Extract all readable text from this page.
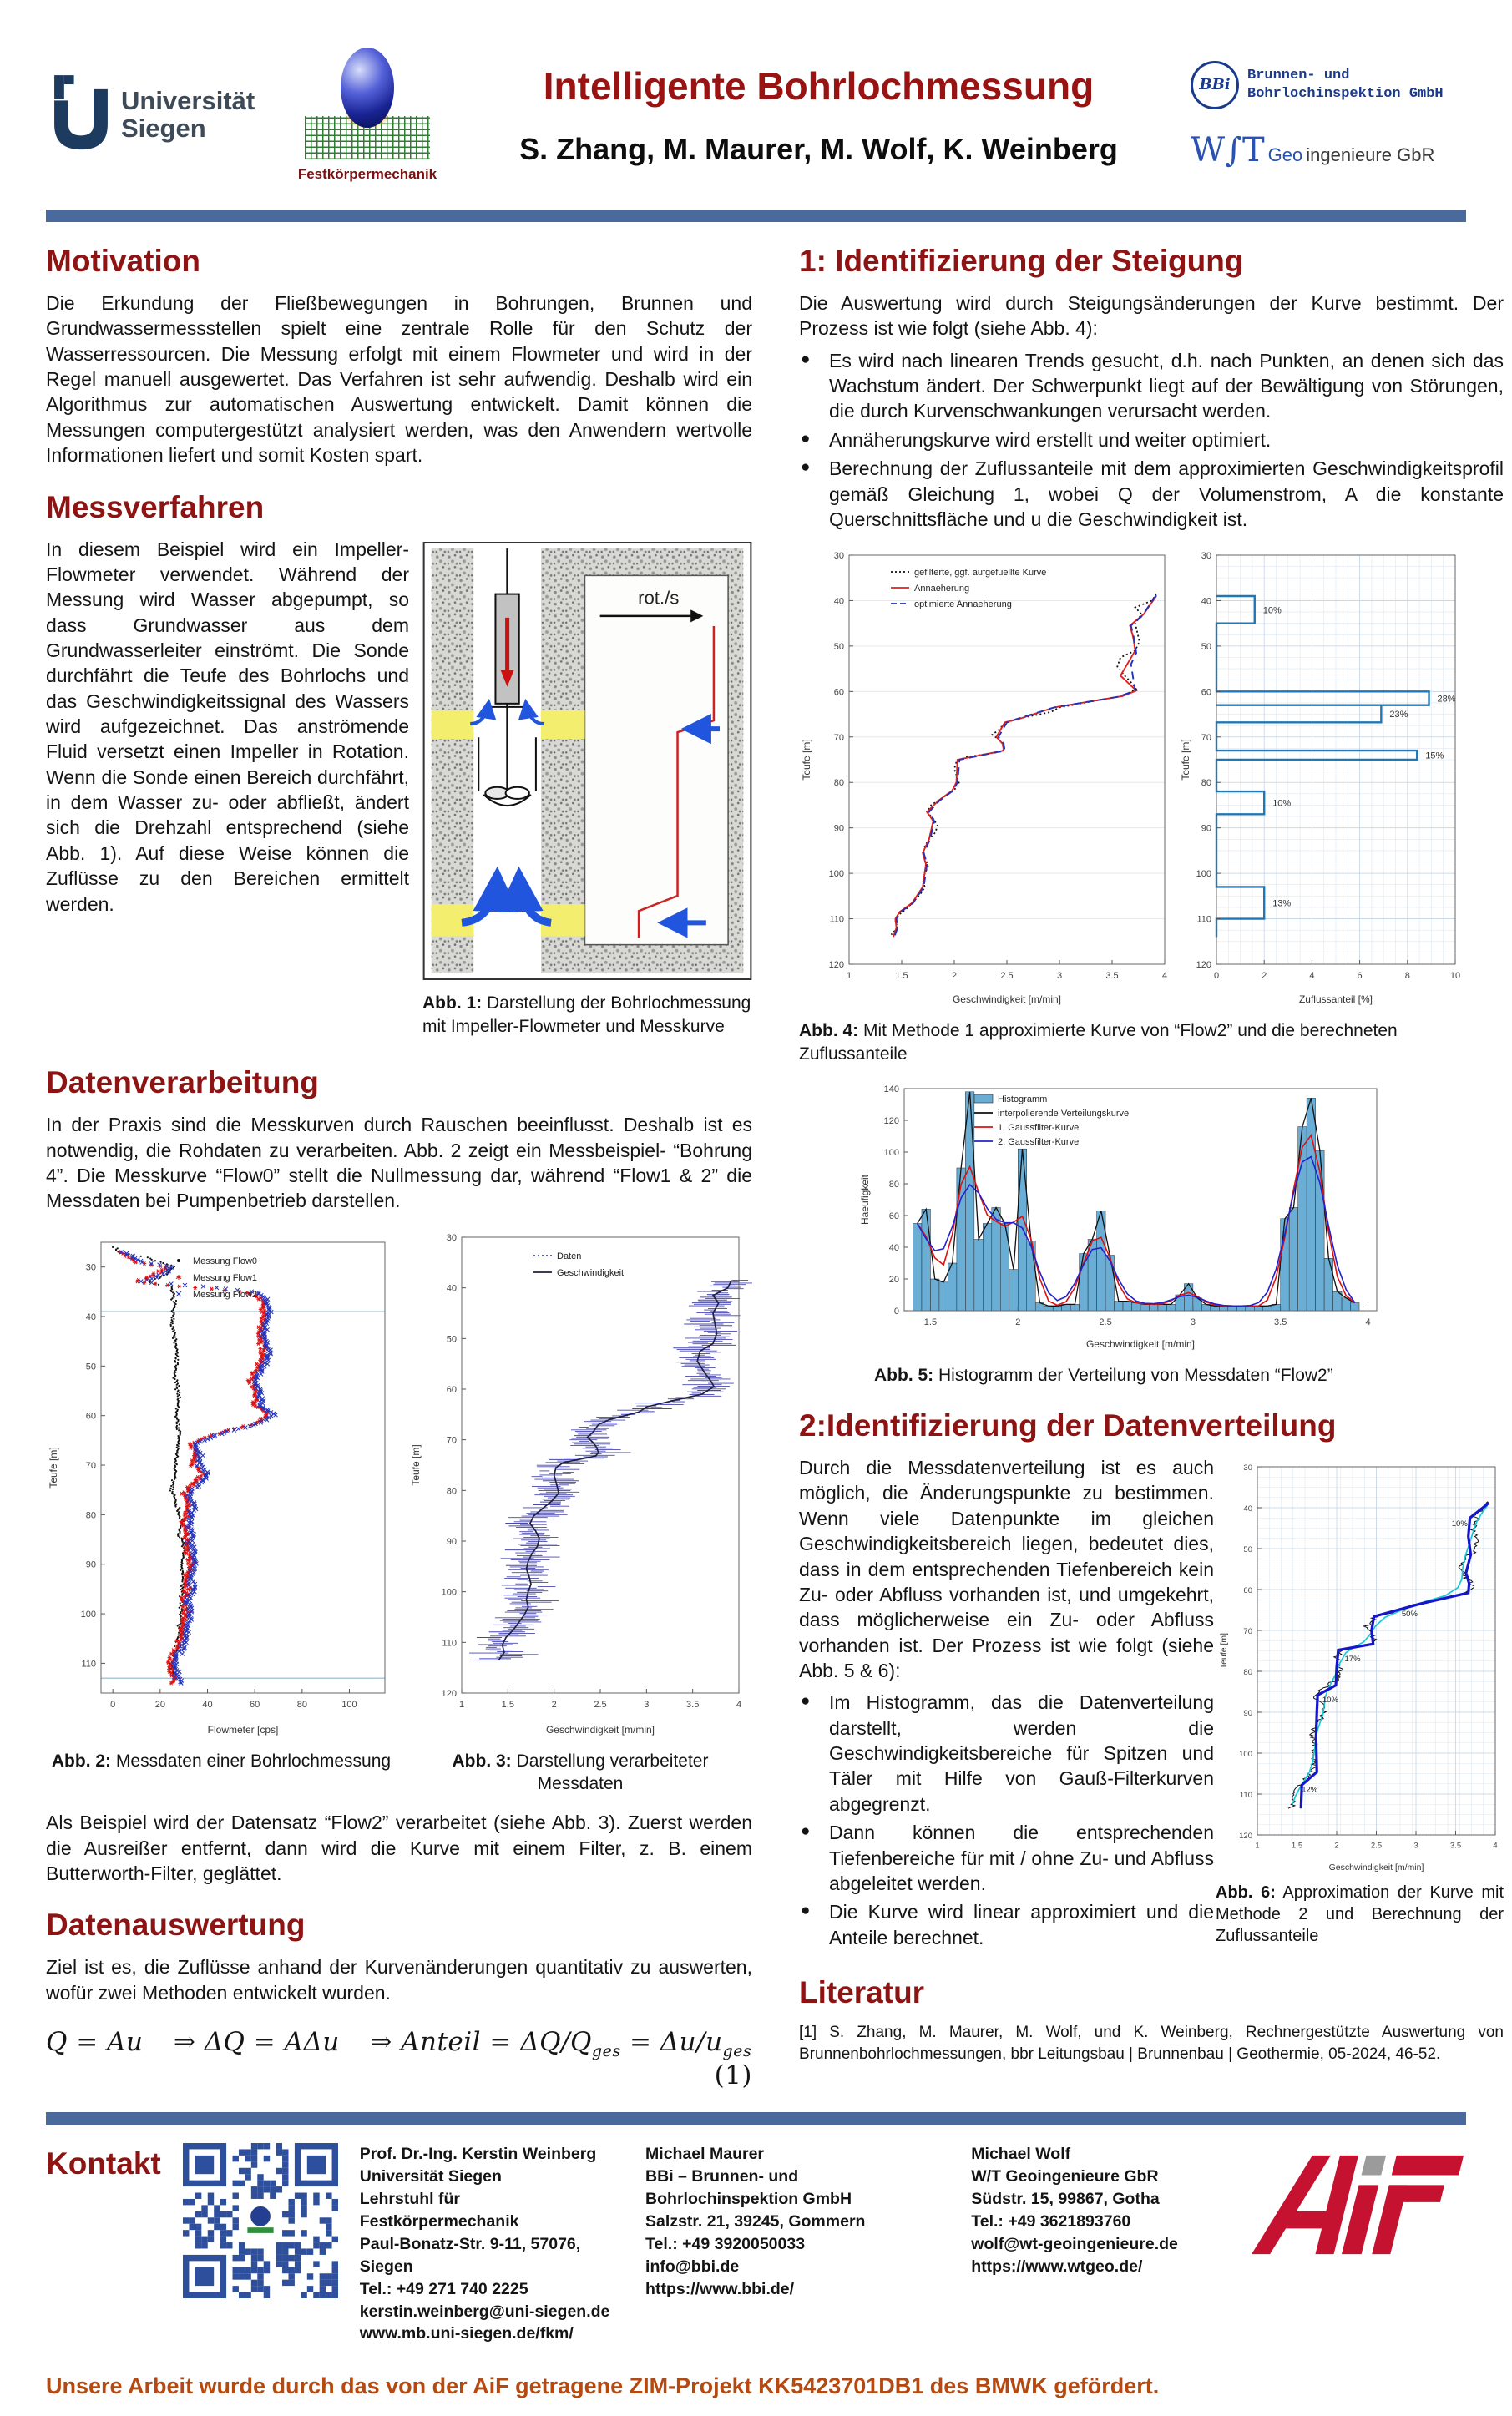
Universität
Siegen
Festkörpermechanik
Intelligente Bohrlochmessung
S. Zhang, M. Maurer, M. Wolf, K. Weinberg
BBi
Brunnen- und
Bohrlochinspektion GmbH
W∫T Geo ingenieure GbR
Motivation

Die Erkundung der Fließbewegungen in Bohrungen, Brunnen und Grundwassermessstellen spielt eine zentrale Rolle für den Schutz der Wasserressourcen. Die Messung erfolgt mit einem Flowmeter und wird in der Regel manuell ausgewertet. Das Verfahren ist sehr aufwendig. Deshalb wird ein Algorithmus zur automatischen Auswertung entwickelt. Damit können die Messungen computergestützt analysiert werden, was den Anwendern wertvolle Informationen liefert und somit Kosten spart.

Messverfahren
rot./s
Abb. 1: Darstellung der Bohrlochmessung mit Impeller-Flowmeter und Messkurve

In diesem Beispiel wird ein Impeller-Flowmeter verwendet. Während der Messung wird Wasser abgepumpt, so dass Grundwasser aus dem Grundwasserleiter einströmt. Die Sonde durchfährt die Teufe des Bohrlochs und das Geschwindigkeitssignal des Wassers wird aufgezeichnet. Das anströmende Fluid versetzt einen Impeller in Rotation. Wenn die Sonde einen Bereich durchfährt, in dem Wasser zu- oder abfließt, ändert sich die Drehzahl entsprechend (siehe Abb. 1). Auf diese Weise können die Zuflüsse zu den Bereichen ermittelt werden.

Datenverarbeitung

In der Praxis sind die Messkurven durch Rauschen beeinflusst. Deshalb ist es notwendig, die Rohdaten zu verarbeiten. Abb. 2 zeigt ein Messbeispiel- “Bohrung 4”. Die Messkurve “Flow0” stellt die Nullmessung dar, während “Flow1 & 2” die Messdaten bei Pumpenbetrieb darstellen.

0	20	40	60	80	100
30
40
50
60
70
80
90
100
110
Flowmeter [cps]
Teufe [m]
Messung Flow0
Messung Flow1
Messung Flow2
Abb. 2: Messdaten einer Bohrlochmessung
1	1.5	2	2.5	3	3.5	4
30
40
50
60
70
80
90
100
110
120
Geschwindigkeit [m/min]
Teufe [m]
Daten
Geschwindigkeit
Abb. 3: Darstellung verarbeiteter Messdaten

Als Beispiel wird der Datensatz “Flow2” verarbeitet (siehe Abb. 3). Zuerst werden die Ausreißer entfernt, dann wird die Kurve mit einem Filter, z. B. einem Butterworth-Filter, geglättet.

Datenauswertung

Ziel ist es, die Zuflüsse anhand der Kurvenänderungen quantitativ zu auswerten, wofür zwei Methoden entwickelt wurden.

Q = Au ⇒ ΔQ = AΔu ⇒ Anteil = $\Delta Q/Q_{ges} = \Delta u/u_{ges}$
(1)
1: Identifizierung der Steigung

Die Auswertung wird durch Steigungsänderungen der Kurve bestimmt. Der Prozess ist wie folgt (siehe Abb. 4):

● Es wird nach linearen Trends gesucht, d.h. nach Punkten, an denen sich das Wachstum ändert. Der Schwerpunkt liegt auf der Bewältigung von Störungen, die durch Kurvenschwankungen verursacht werden.
● Annäherungskurve wird erstellt und weiter optimiert.
● Berechnung der Zuflussanteile mit dem approximierten Geschwindigkeitsprofil gemäß Gleichung 1, wobei Q der Volumenstrom, A die konstante Querschnittsfläche und u die Geschwindigkeit ist.
1	1.5	2	2.5	3	3.5	4
30
40
50
60
70
80
90
100
110
120
Geschwindigkeit [m/min]
Teufe [m]
gefilterte, ggf. aufgefuellte Kurve
Annaeherung
optimierte Annaeherung
10%
28%
23%
15%
10%
13%
0	2	4	6	8	10
30
40
50
60
70
80
90
100
110
120
Zuflussanteil [%]
Teufe [m]
Abb. 4: Mit Methode 1 approximierte Kurve von “Flow2” und die berechneten Zuflussanteile
1.5	2	2.5	3	3.5	4
0
20
40
60
80
100
120
140
Geschwindigkeit [m/min]
Haeufigkeit
Histogramm
interpolierende Verteilungskurve
1. Gaussfilter-Kurve
2. Gaussfilter-Kurve
Abb. 5: Histogramm der Verteilung von Messdaten “Flow2”
2:Identifizierung der Datenverteilung
1	1.5	2	2.5	3	3.5	4
30
40
50
60
70
80
90
100
110
120
Geschwindigkeit [m/min]
Teufe [m]
10%
50%
17%
10%
12%
Abb. 6: Approximation der Kurve mit Methode 2 und Berechnung der Zuflussanteile

Durch die Messdatenverteilung ist es auch möglich, die Änderungspunkte zu bestimmen. Wenn viele Datenpunkte im gleichen Geschwindigkeitsbereich liegen, bedeutet dies, dass in dem entsprechenden Tiefenbereich kein Zu- oder Abfluss vorhanden ist, und umgekehrt, dass möglicherweise ein Zu- oder Abfluss vorhanden ist. Der Prozess ist wie folgt (siehe Abb. 5 & 6):

● Im Histogramm, das die Datenverteilung darstellt, werden die Geschwindigkeitsbereiche für Spitzen und Täler mit Hilfe von Gauß-Filterkurven abgegrenzt.
● Dann können die entsprechenden Tiefenbereiche für mit / ohne Zu- und Abfluss abgeleitet werden.
● Die Kurve wird linear approximiert und die Anteile berechnet.
Literatur

[1] S. Zhang, M. Maurer, M. Wolf, und K. Weinberg, Rechnergestützte Auswertung von Brunnenbohrlochmessungen, bbr Leitungsbau | Brunnenbau | Geothermie, 05-2024, 46-52.

Kontakt	Prof. Dr.-Ing. Kerstin Weinberg
Universität Siegen
Lehrstuhl für Festkörpermechanik
Paul-Bonatz-Str. 9-11, 57076, Siegen
Tel.: +49 271 740 2225
kerstin.weinberg@uni-siegen.de
www.mb.uni-siegen.de/fkm/
Michael Maurer
BBi – Brunnen- und Bohrlochinspektion GmbH
Salzstr. 21, 39245, Gommern
Tel.: +49 3920050033
info@bbi.de
https://www.bbi.de/
Michael Wolf
W/T Geoingenieure GbR
Südstr. 15, 99867, Gotha
Tel.: +49 3621893760
wolf@wt-geoingenieure.de
https://www.wtgeo.de/
Unsere Arbeit wurde durch das von der AiF getragene ZIM-Projekt KK5423701DB1 des BMWK gefördert.
